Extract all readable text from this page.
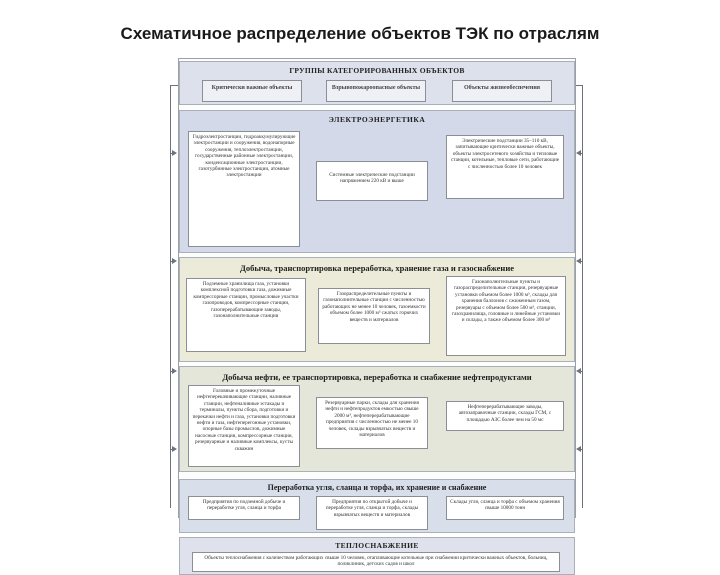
Схематичное распределение объектов ТЭК по отраслям
ГРУППЫ КАТЕГОРИРОВАННЫХ ОБЪЕКТОВ
Критически важные объекты	Взрывопожароопасные объекты	Объекты жизнеобеспечения
ЭЛЕКТРОЭНЕРГЕТИКА
Гидроэлектростанции, гидроаккумулирующие электростанции и сооружения, водонапорные сооружения, теплоэлектростанции, государственные районные электростанции, конденсационные электростанции, газотурбинные электростанции, атомные электростанции	Системные электрические подстанции напряжением 220 кВ и выше
Электрические подстанции 35–110 кВ, запитывающие критически важные объекты, объекты электросетевого хозяйства и тепловые станции, котельные, тепловые сети, работающие с численностью более 10 человек
Добыча, транспортировка переработка, хранение газа и газоснабжение
Подземные хранилища газа, установки комплексной подготовки газа, дожимные компрессорные станции, промысловые участки газопроводов, компрессорные станции, газоперерабатывающие заводы, газонаполнительные станции
Газораспределительные пункты и газонаполнительные станции с численностью работающих не менее 10 человек, газоемкости объемом более 1000 м³ сжатых горючих веществ и материалов
Газонаполнительные пункты и газораспределительные станции, резервуарные установки объемом более 1000 м³, склады для хранения баллонов с сжиженным газом, резервуары с объемом более 500 м³, станции, газохранилища, головные и линейные установки и склады, а также объемом более 300 м³
Добыча нефти, ее транспортировка, переработка и снабжение нефтепродуктами
Головные и промежуточные нефтеперекачивающие станции, наливные станции, нефтеналивные эстакады и терминалы, пункты сбора, подготовки и перекачки нефти и газа, установки подготовки нефти и газа, нефтеперегонные установки, опорные базы промыслов, дожимные насосные станции, компрессорные станции, резервуарные и наливные комплексы, кусты скважин
Резервуарные парки, склады для хранения нефти и нефтепродуктов емкостью свыше 2000 м³, нефтеперерабатывающие предприятия с численностью не менее 10 человек, склады взрывчатых веществ и материалов
Нефтеперерабатывающие заводы, автозаправочные станции, склады ГСМ, с площадью АЗС более чем на 50 мс
Переработка угля, сланца и торфа, их хранение и снабжение
Предприятия по подземной добыче и переработке угля, сланца и торфа
Предприятия по открытой добыче и переработке угля, сланца и торфа, склады взрывчатых веществ и материалов
Склады угля, сланца и торфа с объемом хранения свыше 10000 тонн
ТЕПЛОСНАБЖЕНИЕ
Объекты теплоснабжения с количеством работающих свыше 10 человек, отапливающие котельные при снабжении критически важных объектов, больниц, поликлиник, детских садов и школ
